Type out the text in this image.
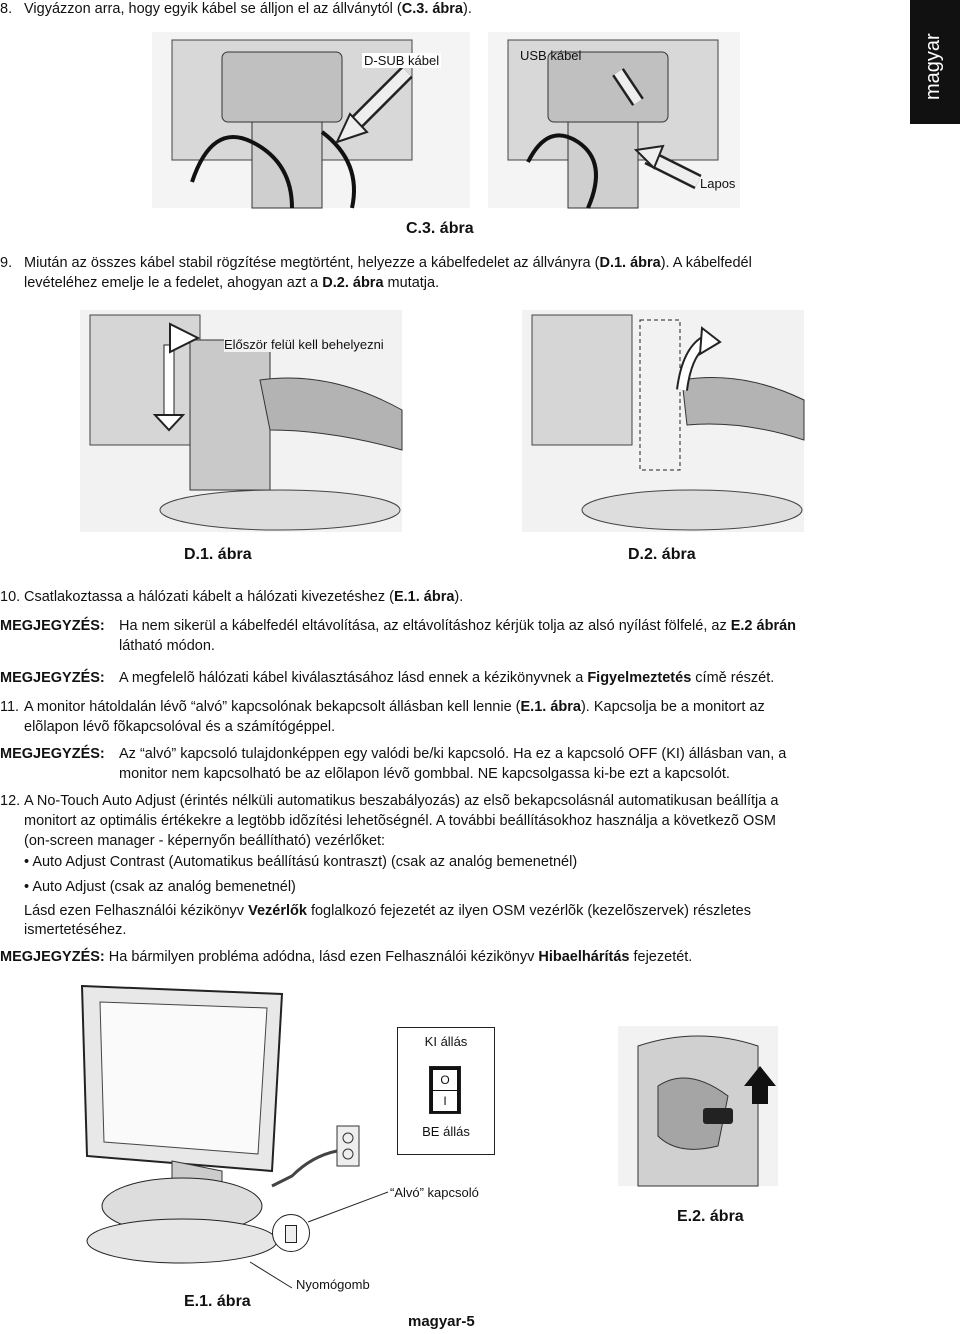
magyar
8. Vigyázzon arra, hogy egyik kábel se álljon el az állványtól (C.3. ábra).
D-SUB kábel	USB kábel
Lapos
C.3. ábra
9. Miután az összes kábel stabil rögzítése megtörtént, helyezze a kábelfedelet az állványra (D.1. ábra). A kábelfedél
levételéhez emelje le a fedelet, ahogyan azt a D.2. ábra mutatja.
Először felül kell behelyezni
D.1. ábra	D.2. ábra
10. Csatlakoztassa a hálózati kábelt a hálózati kivezetéshez (E.1. ábra).
MEGJEGYZÉS: Ha nem sikerül a kábelfedél eltávolítása, az eltávolításhoz kérjük tolja az alsó nyílást fölfelé, az E.2 ábrán
látható módon.
MEGJEGYZÉS: A megfelelõ hálózati kábel kiválasztásához lásd ennek a kézikönyvnek a Figyelmeztetés címě részét.
11. A monitor hátoldalán lévõ “alvó” kapcsolónak bekapcsolt állásban kell lennie (E.1. ábra). Kapcsolja be a monitort az
elõlapon lévõ fõkapcsolóval és a számítógéppel.
MEGJEGYZÉS: Az “alvó” kapcsoló tulajdonképpen egy valódi be/ki kapcsoló. Ha ez a kapcsoló OFF (KI) állásban van, a
monitor nem kapcsolható be az elõlapon lévõ gombbal. NE kapcsolgassa ki-be ezt a kapcsolót.
12. A No-Touch Auto Adjust (érintés nélküli automatikus beszabályozás) az elsõ bekapcsolásnál automatikusan beállítja a
monitort az optimális értékekre a legtöbb idõzítési lehetõségnél. A további beállításokhoz használja a következõ OSM
(on-screen manager - képernyőn beállítható) vezérlőket:
• Auto Adjust Contrast (Automatikus beállítású kontraszt) (csak az analóg bemenetnél)
• Auto Adjust (csak az analóg bemenetnél)
Lásd ezen Felhasználói kézikönyv Vezérlők foglalkozó fejezetét az ilyen OSM vezérlõk (kezelõszervek) részletes
ismertetéséhez.
MEGJEGYZÉS: Ha bármilyen probléma adódna, lásd ezen Felhasználói kézikönyv Hibaelhárítás fejezetét.
KI állás
O
I
BE állás
“Alvó” kapcsoló
Nyomógomb
E.1. ábra
E.2. ábra
magyar-5
